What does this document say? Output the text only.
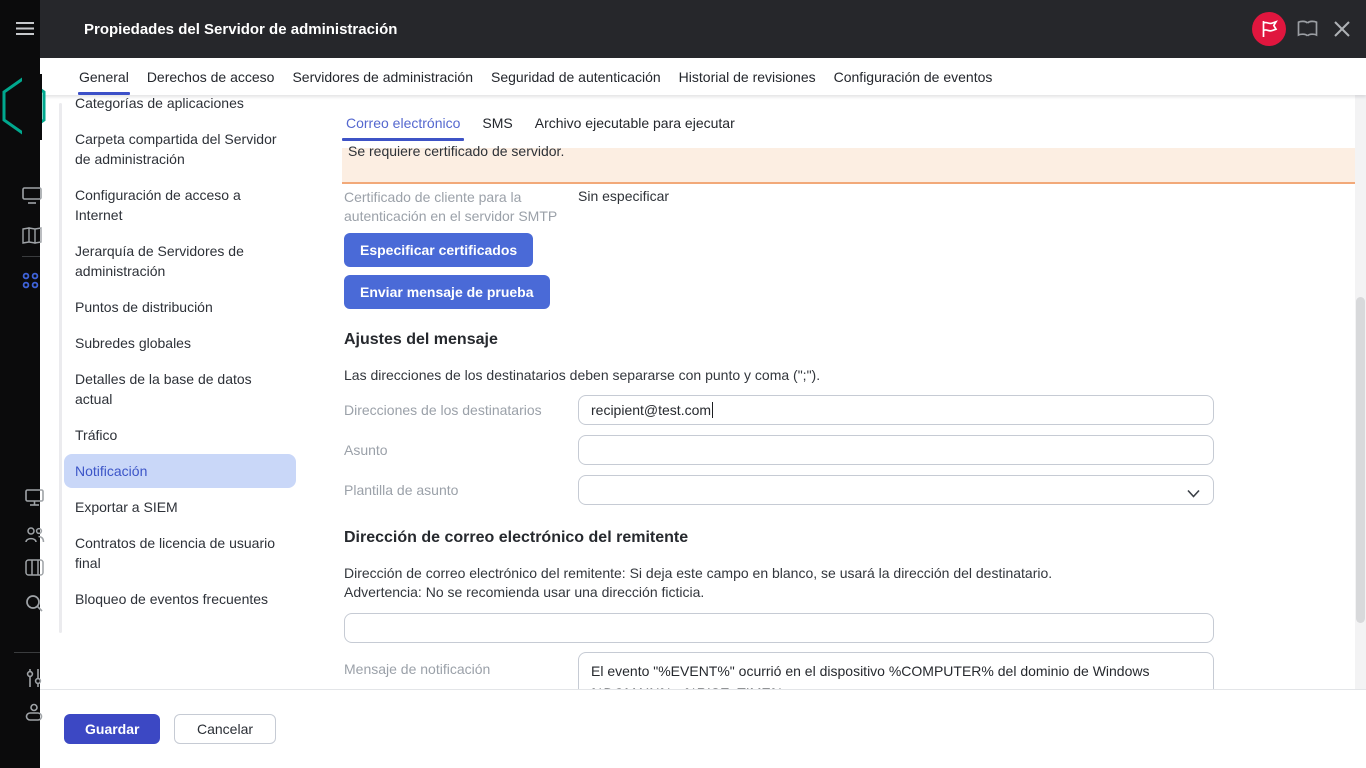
Propiedades del Servidor de administración
General Derechos de acceso Servidores de administración Seguridad de autenticación Historial de revisiones Configuración de eventos
Categorías de aplicaciones
Carpeta compartida del Servidor de administración
Configuración de acceso a Internet
Jerarquía de Servidores de administración
Puntos de distribución
Subredes globales
Detalles de la base de datos actual
Tráfico
Notificación
Exportar a SIEM
Contratos de licencia de usuario final
Bloqueo de eventos frecuentes
Correo electrónico SMS Archivo ejecutable para ejecutar
Se requiere certificado de servidor.
Certificado de cliente para la autenticación en el servidor SMTP
Sin especificar
Especificar certificados
Enviar mensaje de prueba
Ajustes del mensaje
Las direcciones de los destinatarios deben separarse con punto y coma (";").
Direcciones de los destinatarios	recipient@test.com
Asunto
Plantilla de asunto
Dirección de correo electrónico del remitente
Dirección de correo electrónico del remitente: Si deja este campo en blanco, se usará la dirección del destinatario.
Advertencia: No se recomienda usar una dirección ficticia.
Mensaje de notificación	El evento "%EVENT%" ocurrió en el dispositivo %COMPUTER% del dominio de Windows
Guardar	Cancelar
